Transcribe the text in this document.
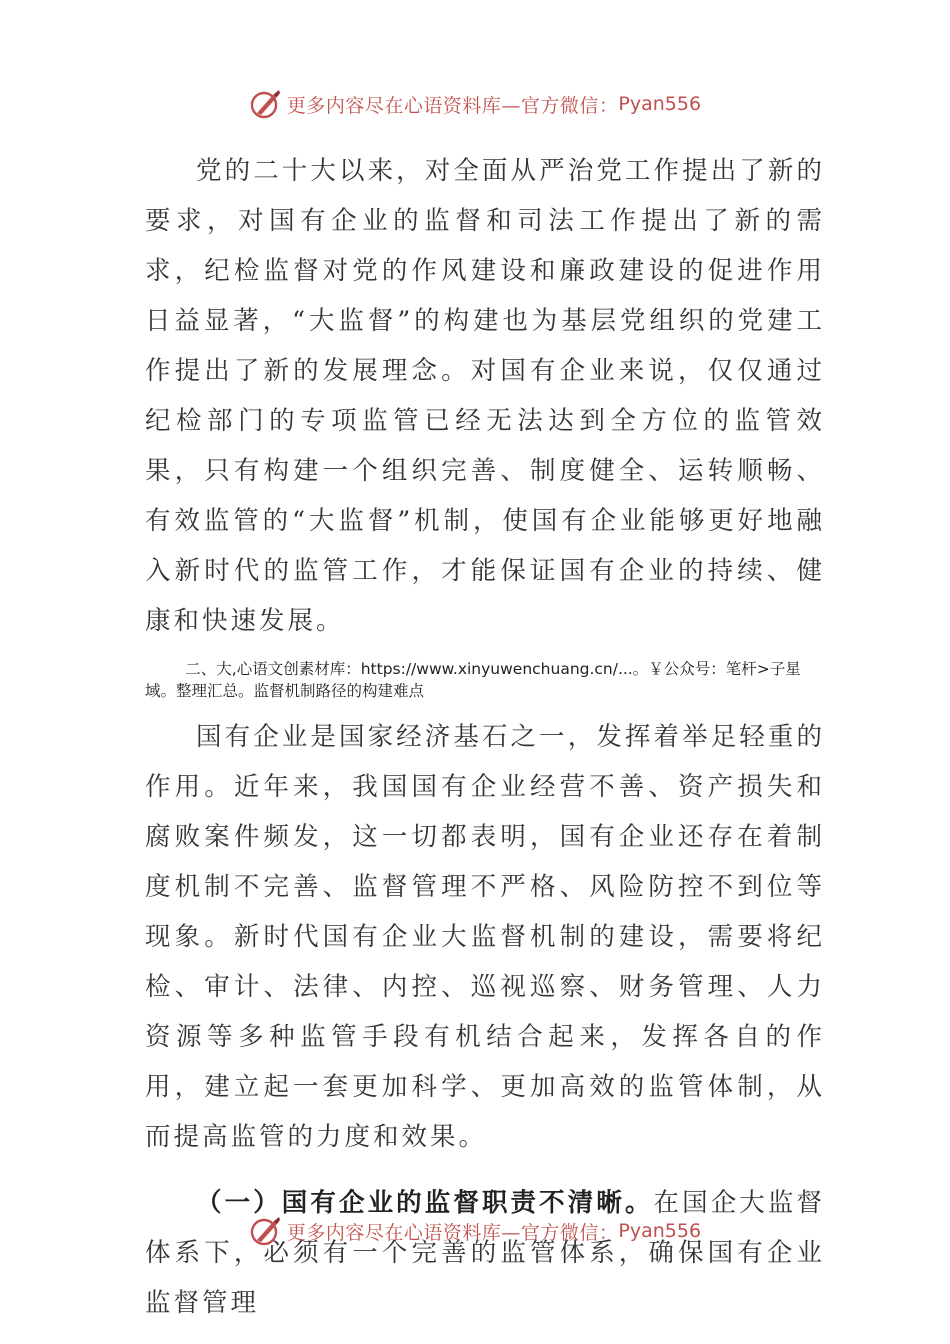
更多内容尽在心语资料库—官方微信： Pyan556

党的二十大以来，对全面从严治党工作提出了新的要求，对国有企业的监督和司法工作提出了新的需求，纪检监督对党的作风建设和廉政建设的促进作用日益显著，“大监督”的构建也为基层党组织的党建工作提出了新的发展理念。对国有企业来说，仅仅通过纪检部门的专项监管已经无法达到全方位的监管效果，只有构建一个组织完善、制度健全、运转顺畅、有效监管的“大监督”机制，使国有企业能够更好地融入新时代的监管工作，才能保证国有企业的持续、健康和快速发展。

二、大,心语文创素材库：https://www.xinyuwenchuang.cn/...。￥公众号：笔杆>子星域。整理汇总。监督机制路径的构建难点

国有企业是国家经济基石之一，发挥着举足轻重的作用。近年来，我国国有企业经营不善、资产损失和腐败案件频发，这一切都表明，国有企业还存在着制度机制不完善、监督管理不严格、风险防控不到位等现象。新时代国有企业大监督机制的建设，需要将纪检、审计、法律、内控、巡视巡察、财务管理、人力资源等多种监管手段有机结合起来，发挥各自的作用，建立起一套更加科学、更加高效的监管体制，从而提高监管的力度和效果。

（一）国有企业的监督职责不清晰。在国企大监督体系下，必须有一个完善的监管体系，确保国有企业监督管理

更多内容尽在心语资料库—官方微信： Pyan556
